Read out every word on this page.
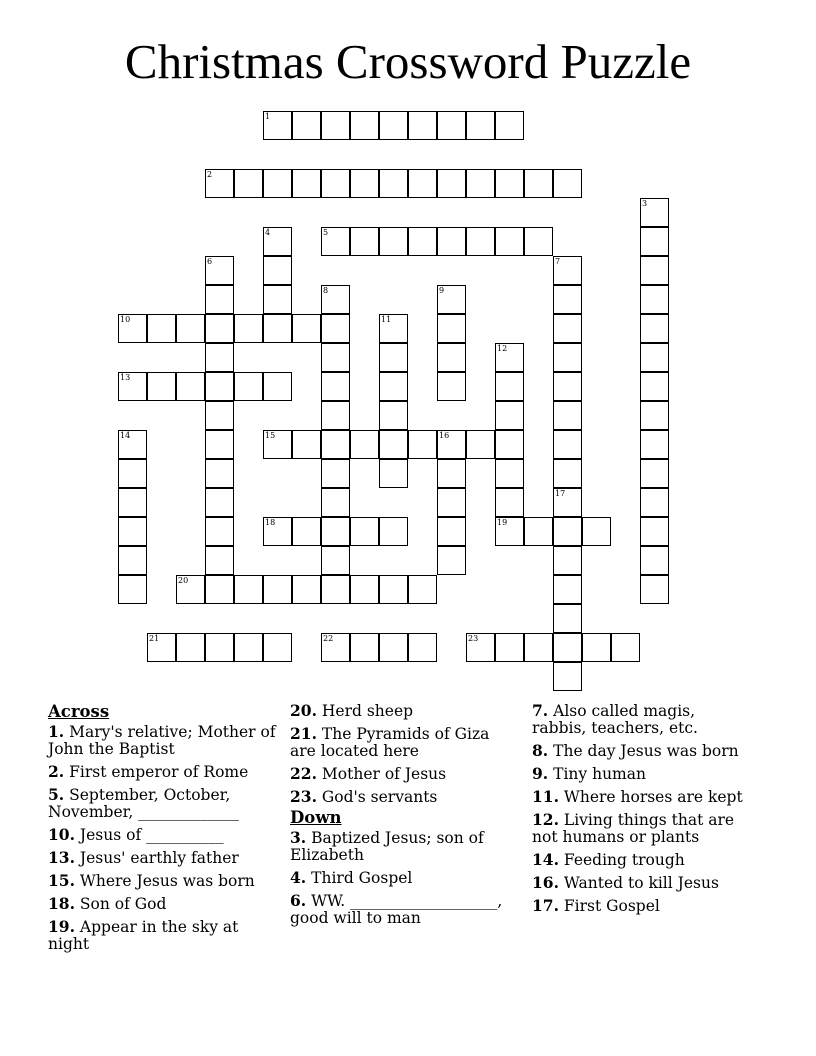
Christmas Crossword Puzzle
1
2
3
4	5
6	7
8	9
10	11
12
19
13
14	15	16
17
18
20
21	22	23
Across
1. Mary's relative; Mother of John the Baptist
2. First emperor of Rome
5. September, October, November, _____________
10. Jesus of __________
13. Jesus' earthly father
15. Where Jesus was born
18. Son of God
19. Appear in the sky at night
20. Herd sheep
21. The Pyramids of Giza are located here
22. Mother of Jesus
23. God's servants
Down
3. Baptized Jesus; son of Elizabeth
4. Third Gospel
6. WW. ___________________, good will to man
7. Also called magis, rabbis, teachers, etc.
8. The day Jesus was born
9. Tiny human
11. Where horses are kept
12. Living things that are not humans or plants
14. Feeding trough
16. Wanted to kill Jesus
17. First Gospel
